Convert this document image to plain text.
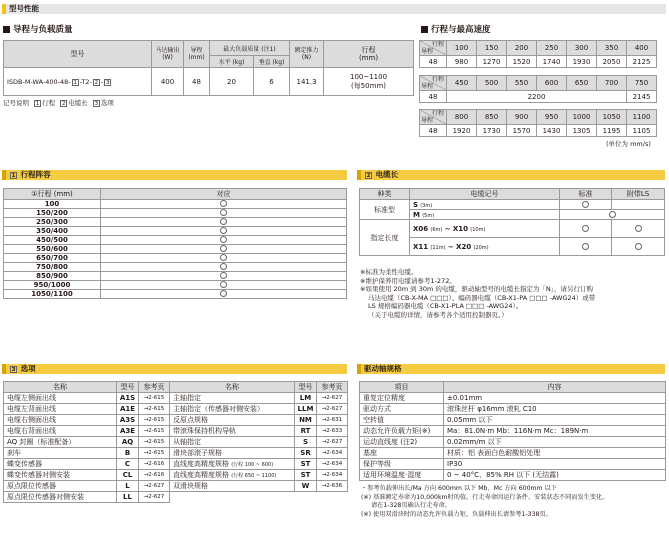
型号性能
导程与负载质量
型号	马达输出
(W)	导程
(mm)	最大负载质量 (注1)		额定推力
(N)	行程
(mm)
			水平 (kg)	垂直 (kg)		
ISDB-M-WA-400-48- 1 -T2- 2 - 3	400	48	20	6	141.3	100~1100
(每50mm)
记号说明 1 行程 2 电缆长 3 选项
行程与最高速度
行程
导程	100	150	200	250	300	350	400
48	980	1270	1520	1740	1930	2050	2125
行程
导程	450	500	550	600	650	700	750
48	2200						2145
行程
导程	800	850	900	950	1000	1050	1100
48	1920	1730	1570	1430	1305	1195	1105
(单位为 mm/s)
1 行程阵容
①行程 (mm)	对应
100	
150/200	
250/300	
350/400	
450/500	
550/600	
650/700	
750/800	
850/900	
950/1000	
1050/1100	
2 电缆长
种类	电缆记号	标准	附带LS
标准型	S (3m)		
	M (5m)		
指定长度	X06 (6m) ~ X10 (10m)		
	X11 (11m) ~ X20 (20m)		
※标准为柔性电缆。
※维护保养用电缆请参考1-272。
※如果使用 20m 到 30m 的电缆，驱动轴型号的电缆长指定为「N」，请另行订购
马达电缆（CB-X-MA □□□）、编码器电缆（CB-X1-PA □□□ -AWG24）或带
LS 规格编码器电缆（CB-X1-PLA □□□ -AWG24）。
（关于电缆的详情，请参考各个适用控制器页。）
3 选项
名称	型号	参考页
电缆左侧面出线	A1S	→2-615
电缆左背面出线	A1E	→2-615
电缆右侧面出线	A3S	→2-615
电缆右背面出线	A3E	→2-615
AQ 封圈（标准配备）	AQ	→2-615
刹车	B	→2-615
蝶变传感器	C	→2-616
蝶变传感器对侧安装	CL	→2-616
原点限位传感器	L	→2-627
原点限位传感器对侧安装	LL	→2-627
名称	型号	参考页
主轴指定	LM	→2-627
主轴指定（传感器对侧安装）	LLM	→2-627
反原点规格	NM	→2-631
带滚珠保持机构导轨	RT	→2-633
从轴指定	S	→2-627
滑块部滚子规格	SR	→2-634
直线度高精度规格 (行程 100 ~ 600)	ST	→2-634
直线度高精度规格 (行程 650 ~ 1100)	ST	→2-634
双滑块规格	W	→2-636
驱动轴规格
项目	内容
重复定位精度	±0.01mm
驱动方式	滚珠丝杆 φ16mm 滚轧 C10
空转值	0.05mm 以下
动态允许负载力矩(※)	Ma：81.0N·m Mb：116N·m Mc：189N·m
运动直线度 (注2)	0.02mm/m 以下
基座	材质：铝 表面白色耐酸铝处理
保护等级	IP30
适用环境温度·湿度	0 ~ 40°C、85% RH 以下 (无结露)
・参考负载伸出长/Ma 方向 600mm 以下 Mb、Mc 方向 600mm 以下
(※) 基准额定寿命为10,000km时的值。行走寿命因运行条件、安装状态不同而发生变化。
请在1-328页确认行走寿命。
(※) 使用双滑块时的动态允许负载力矩、负载伸出长请参考1-338页。
